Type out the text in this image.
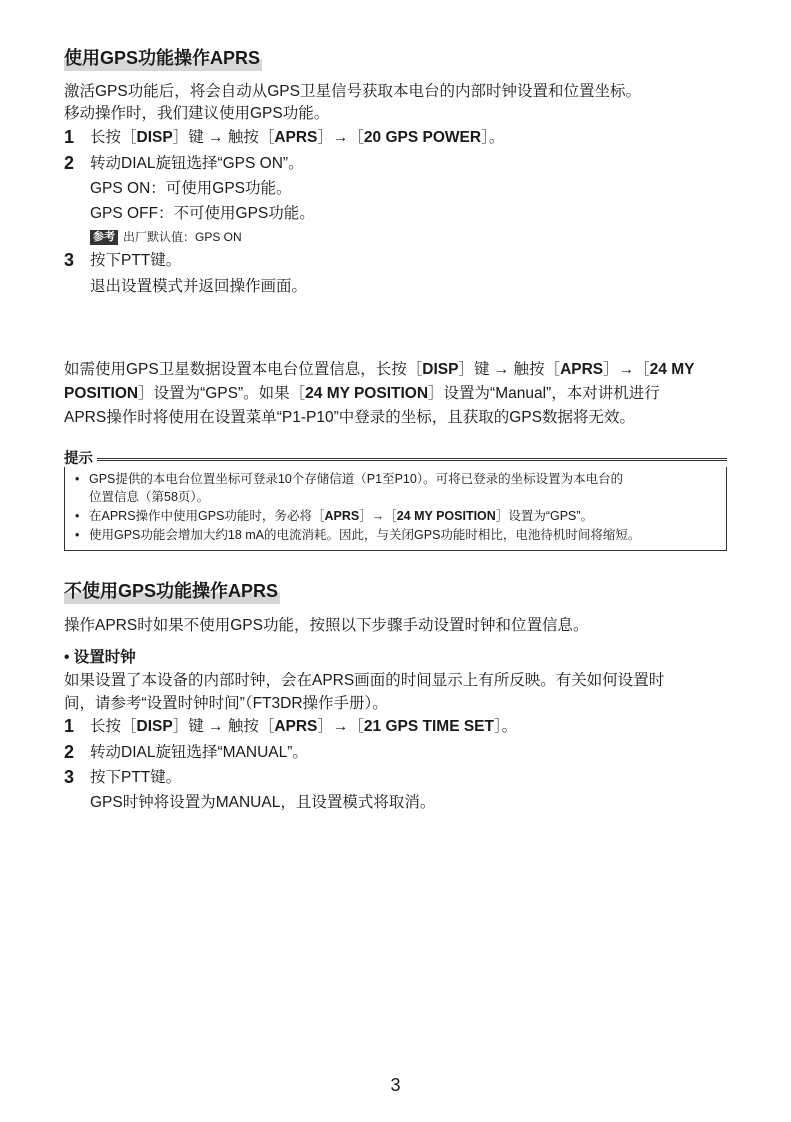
使用GPS功能操作APRS

激活GPS功能后，将会自动从GPS卫星信号获取本电台的内部时钟设置和位置坐标。

移动操作时，我们建议使用GPS功能。

1 长按［DISP］键 → 触按［APRS］→［20 GPS POWER］。
2 转动DIAL旋钮选择“GPS ON”。
GPS ON：可使用GPS功能。
GPS OFF：不可使用GPS功能。
参考 出厂默认值：GPS ON
3 按下PTT键。
退出设置模式并返回操作画面。

如需使用GPS卫星数据设置本电台位置信息，长按［DISP］键 → 触按［APRS］→［24 MY

POSITION］设置为“GPS”。如果［24 MY POSITION］设置为“Manual”，本对讲机进行

APRS操作时将使用在设置菜单“P1-P10”中登录的坐标，且获取的GPS数据将无效。

提示
• GPS提供的本电台位置坐标可登录10个存储信道（P1至P10）。可将已登录的坐标设置为本电台的
位置信息（第58页）。
• 在APRS操作中使用GPS功能时，务必将［APRS］→［24 MY POSITION］设置为“GPS”。
• 使用GPS功能会增加大约18 mA的电流消耗。因此，与关闭GPS功能时相比，电池待机时间将缩短。
不使用GPS功能操作APRS

操作APRS时如果不使用GPS功能，按照以下步骤手动设置时钟和位置信息。

• 设置时钟

如果设置了本设备的内部时钟，会在APRS画面的时间显示上有所反映。有关如何设置时

间，请参考“设置时钟时间”（FT3DR操作手册）。

1 长按［DISP］键 → 触按［APRS］→［21 GPS TIME SET］。
2 转动DIAL旋钮选择“MANUAL”。
3 按下PTT键。
GPS时钟将设置为MANUAL，且设置模式将取消。
3
